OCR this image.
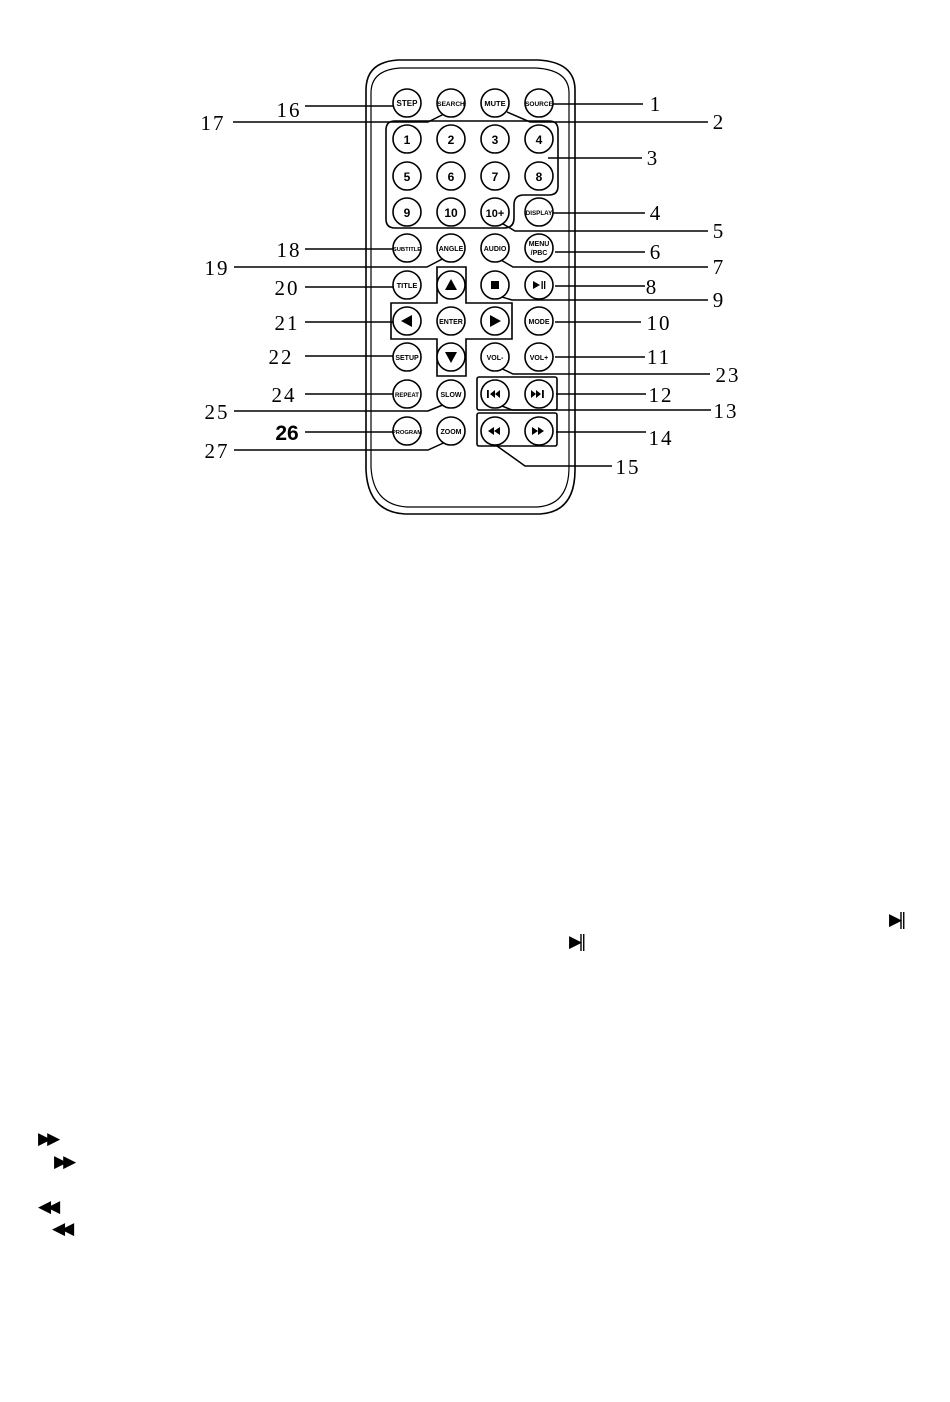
STEP	SEARCH	MUTE	SOURCE
1	2	3	4
5	6	7	8
9	10	10+	DISPLAY
SUBTITLE	ANGLE	AUDIO
MENU
/PBC
TITLE
ENTER	MODE
SETUP	VOL-	VOL+
REPEAT	SLOW
PROGRAM	ZOOM
1
2
3
4
5
6
7
8
9
10
11
12
13
14
15
16
17
18
19
20
21
22
23
24
25
26
27
▶‖
▶‖
▶▶
▶▶
◀◀
◀◀
